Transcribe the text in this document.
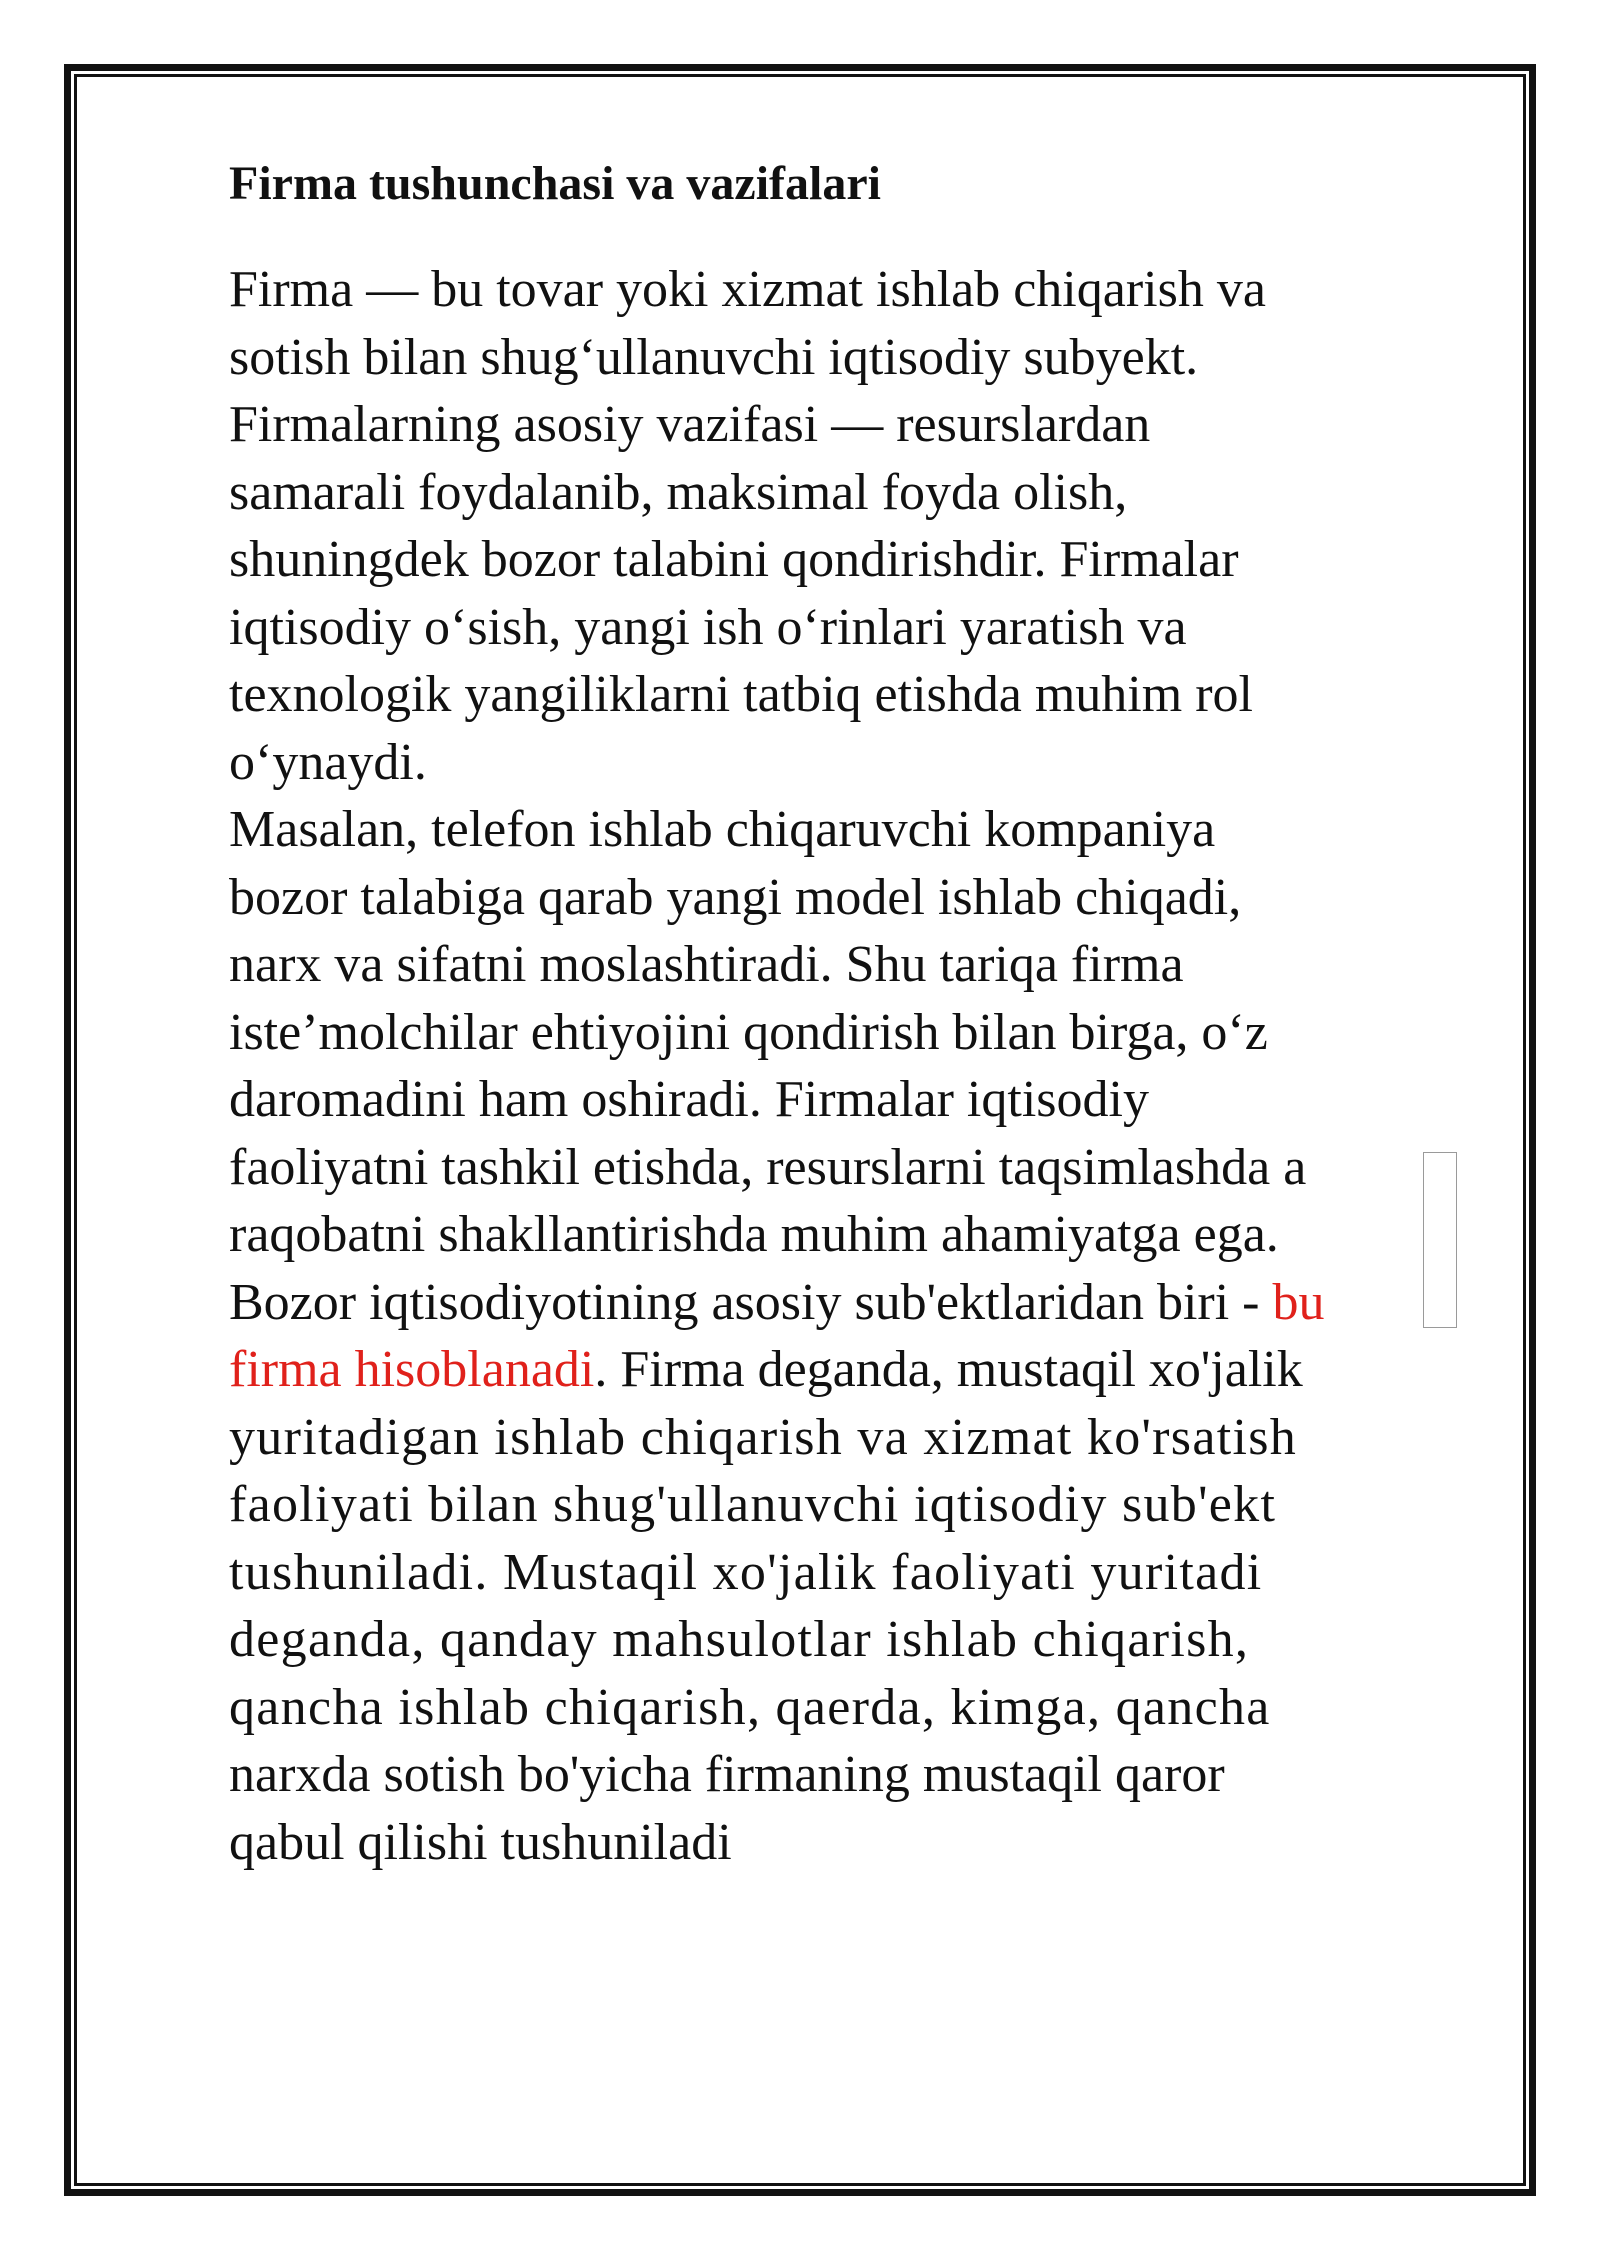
Firma tushunchasi va vazifalari
Firma — bu tovar yoki xizmat ishlab chiqarish va
sotish bilan shug‘ullanuvchi iqtisodiy subyekt.
Firmalarning asosiy vazifasi — resurslardan
samarali foydalanib, maksimal foyda olish,
shuningdek bozor talabini qondirishdir. Firmalar
iqtisodiy o‘sish, yangi ish o‘rinlari yaratish va
texnologik yangiliklarni tatbiq etishda muhim rol
o‘ynaydi.
Masalan, telefon ishlab chiqaruvchi kompaniya
bozor talabiga qarab yangi model ishlab chiqadi,
narx va sifatni moslashtiradi. Shu tariqa firma
iste’molchilar ehtiyojini qondirish bilan birga, o‘z
daromadini ham oshiradi. Firmalar iqtisodiy
faoliyatni tashkil etishda, resurslarni taqsimlashda a
raqobatni shakllantirishda muhim ahamiyatga ega.
Bozor iqtisodiyotining asosiy sub'ektlaridan biri - bu
firma hisoblanadi. Firma deganda, mustaqil xo'jalik
yuritadigan ishlab chiqarish va xizmat ko'rsatish
faoliyati bilan shug'ullanuvchi iqtisodiy sub'ekt
tushuniladi. Mustaqil xo'jalik faoliyati yuritadi
deganda, qanday mahsulotlar ishlab chiqarish,
qancha ishlab chiqarish, qaerda, kimga, qancha
narxda sotish bo'yicha firmaning mustaqil qaror
qabul qilishi tushuniladi
